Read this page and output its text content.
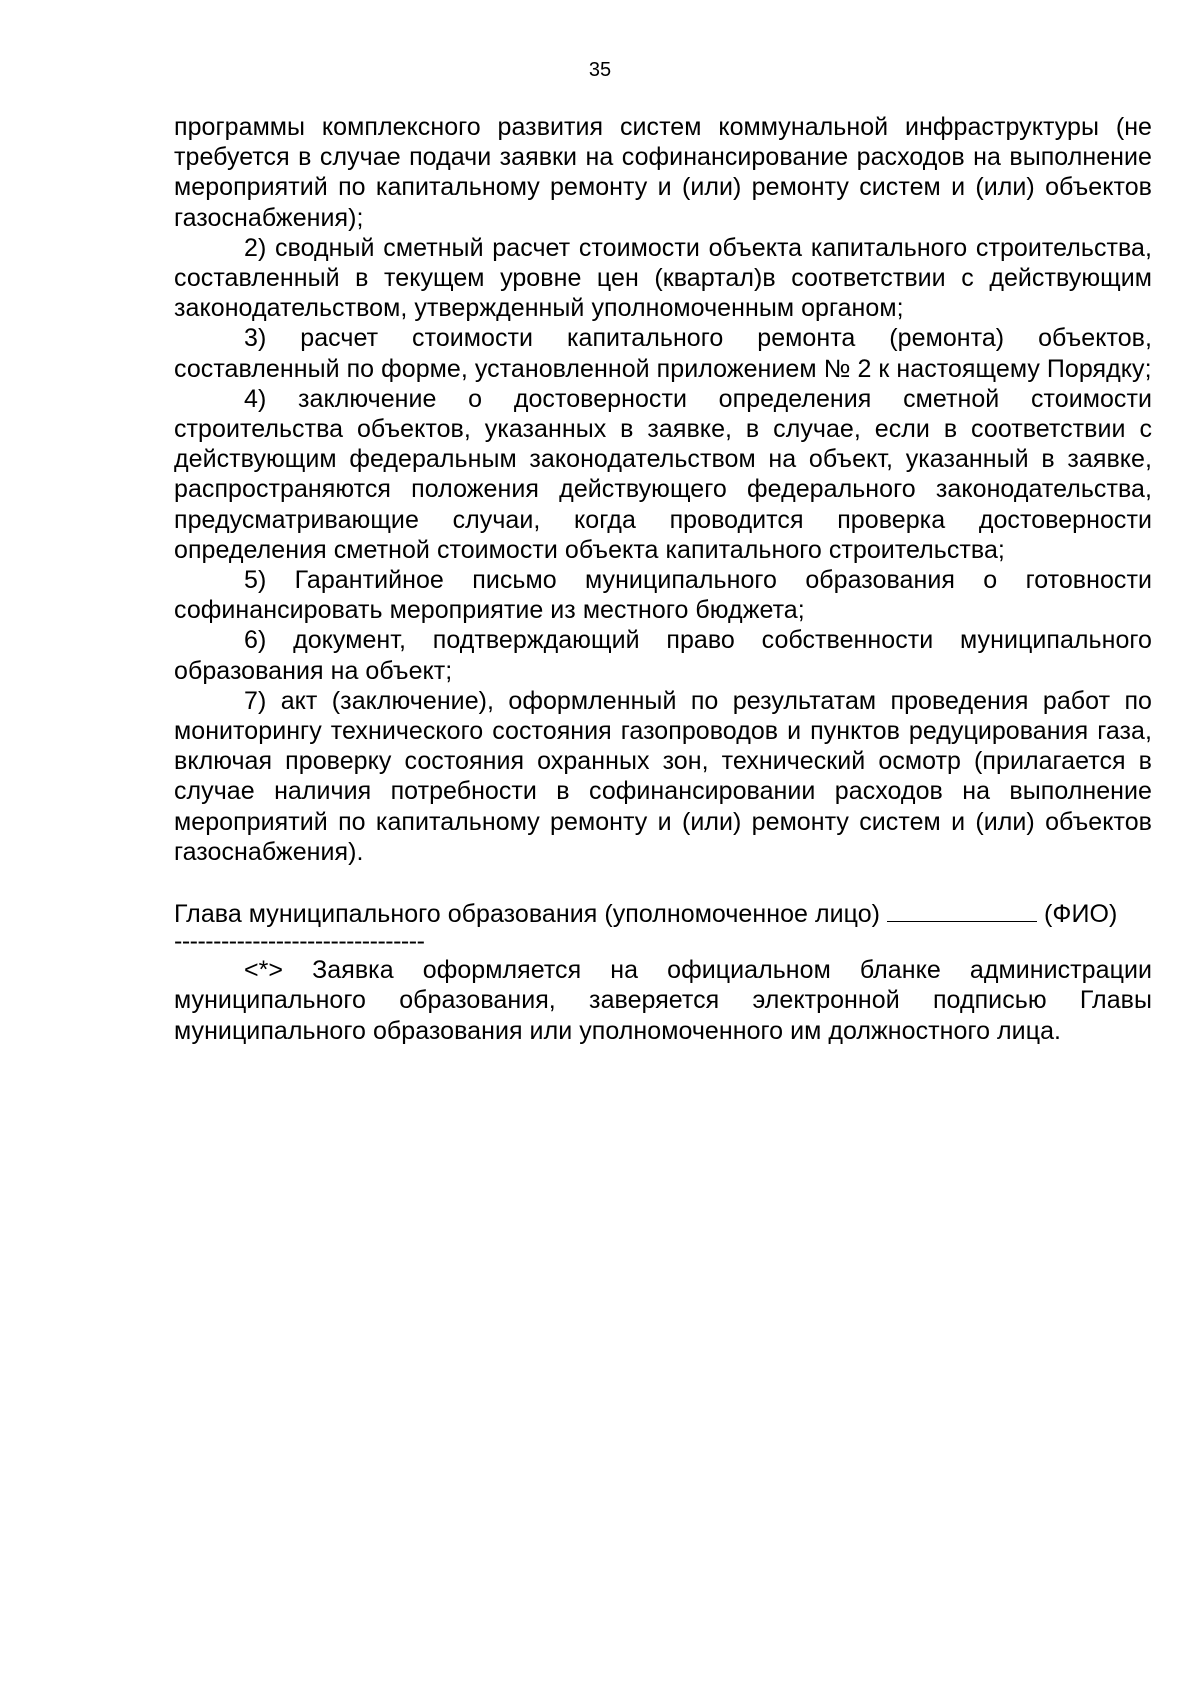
35

программы комплексного развития систем коммунальной инфраструктуры (не требуется в случае подачи заявки на софинансирование расходов на выполнение мероприятий по капитальному ремонту и (или) ремонту систем и (или) объектов газоснабжения);

2) сводный сметный расчет стоимости объекта капитального строительства, составленный в текущем уровне цен (квартал)в соответствии с действующим законодательством, утвержденный уполномоченным органом;

3) расчет стоимости капитального ремонта (ремонта) объектов, составленный по форме, установленной приложением № 2 к настоящему Порядку;

4) заключение о достоверности определения сметной стоимости строительства объектов, указанных в заявке, в случае, если в соответствии с действующим федеральным законодательством на объект, указанный в заявке, распространяются положения действующего федерального законодательства, предусматривающие случаи, когда проводится проверка достоверности определения сметной стоимости объекта капитального строительства;

5) Гарантийное письмо муниципального образования о готовности софинансировать мероприятие из местного бюджета;

6) документ, подтверждающий право собственности муниципального образования на объект;

7) акт (заключение), оформленный по результатам проведения работ по мониторингу технического состояния газопроводов и пунктов редуцирования газа, включая проверку состояния охранных зон, технический осмотр (прилагается в случае наличия потребности в софинансировании расходов на выполнение мероприятий по капитальному ремонту и (или) ремонту систем и (или) объектов газоснабжения).

Глава муниципального образования (уполномоченное лицо)	(ФИО)

--------------------------------

<*> Заявка оформляется на официальном бланке администрации муниципального образования, заверяется электронной подписью Главы муниципального образования или уполномоченного им должностного лица.
